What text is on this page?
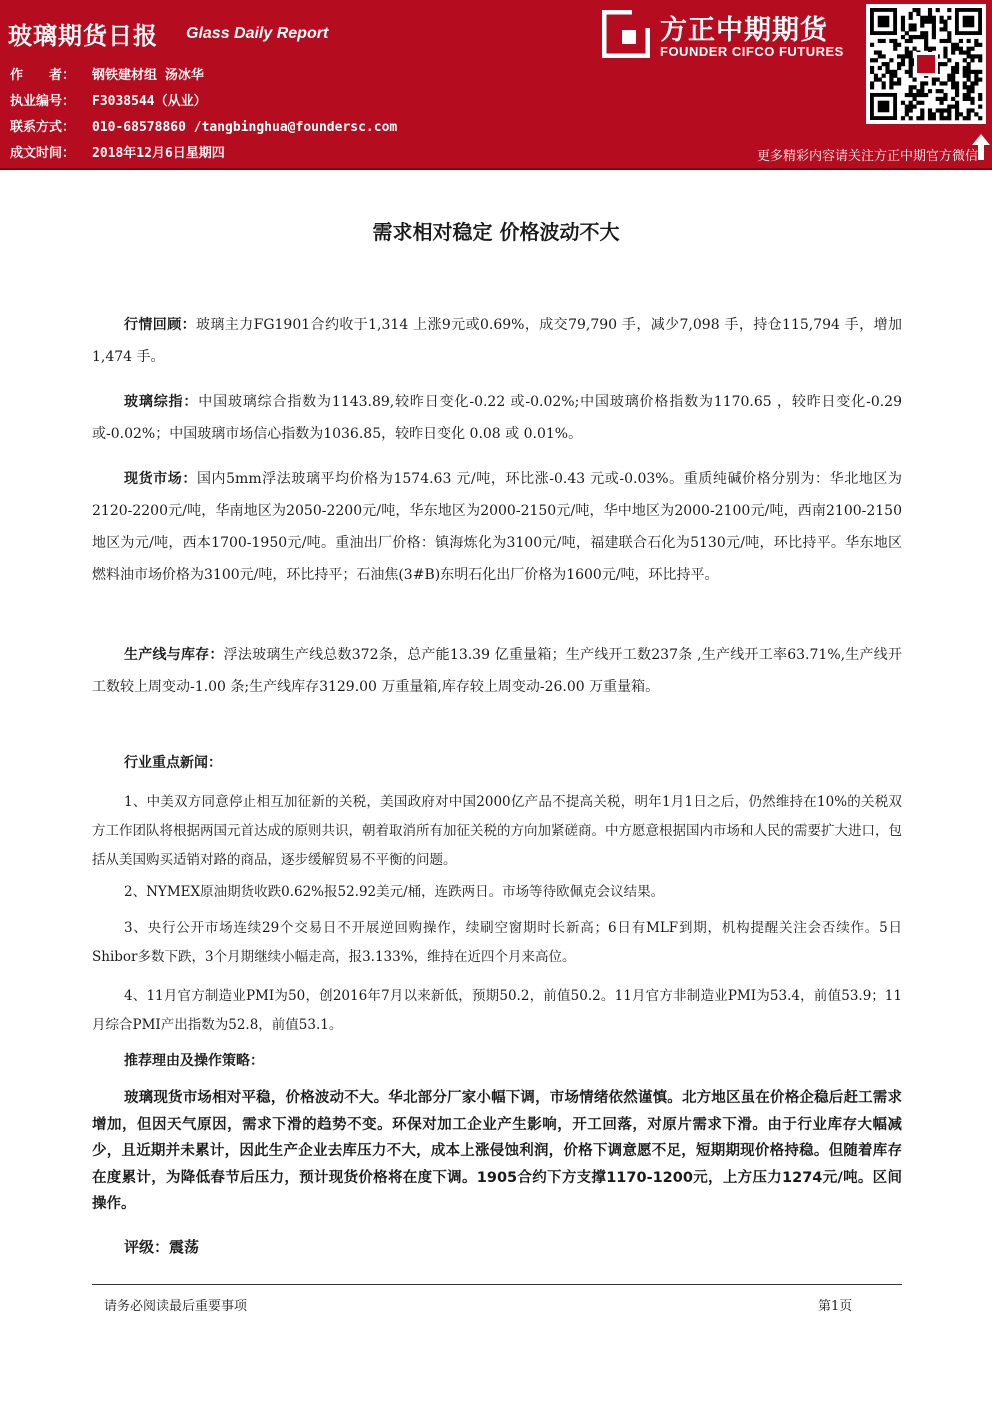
玻璃期货日报 Glass Daily Report
作　　者： 钢铁建材组 汤冰华
执业编号： F3038544（从业）
联系方式： 010-68578860 /tangbinghua@foundersc.com
成文时间： 2018年12月6日星期四
方正中期期货
FOUNDER CIFCO FUTURES
更多精彩内容请关注方正中期官方微信
需求相对稳定 价格波动不大
行情回顾：玻璃主力FG1901合约收于1,314 上涨9元或0.69%，成交79,790 手，减少7,098 手，持仓115,794 手，增加1,474 手。
玻璃综指：中国玻璃综合指数为1143.89,较昨日变化-0.22 或-0.02%;中国玻璃价格指数为1170.65 ，较昨日变化-0.29 或-0.02%；中国玻璃市场信心指数为1036.85，较昨日变化 0.08 或 0.01%。
现货市场：国内5mm浮法玻璃平均价格为1574.63 元/吨，环比涨-0.43 元或-0.03%。重质纯碱价格分别为：华北地区为2120-2200元/吨，华南地区为2050-2200元/吨，华东地区为2000-2150元/吨，华中地区为2000-2100元/吨，西南2100-2150地区为元/吨，西本1700-1950元/吨。重油出厂价格：镇海炼化为3100元/吨，福建联合石化为5130元/吨，环比持平。华东地区燃料油市场价格为3100元/吨，环比持平；石油焦(3#B)东明石化出厂价格为1600元/吨，环比持平。
生产线与库存：浮法玻璃生产线总数372条，总产能13.39 亿重量箱；生产线开工数237条 ,生产线开工率63.71%,生产线开工数较上周变动-1.00 条;生产线库存3129.00 万重量箱,库存较上周变动-26.00 万重量箱。
行业重点新闻：
1、中美双方同意停止相互加征新的关税，美国政府对中国2000亿产品不提高关税，明年1月1日之后，仍然维持在10%的关税双方工作团队将根据两国元首达成的原则共识，朝着取消所有加征关税的方向加紧磋商。中方愿意根据国内市场和人民的需要扩大进口，包括从美国购买适销对路的商品，逐步缓解贸易不平衡的问题。
2、NYMEX原油期货收跌0.62%报52.92美元/桶，连跌两日。市场等待欧佩克会议结果。
3、央行公开市场连续29个交易日不开展逆回购操作，续刷空窗期时长新高；6日有MLF到期，机构提醒关注会否续作。5日Shibor多数下跌，3个月期继续小幅走高，报3.133%，维持在近四个月来高位。
4、11月官方制造业PMI为50，创2016年7月以来新低，预期50.2，前值50.2。11月官方非制造业PMI为53.4，前值53.9；11月综合PMI产出指数为52.8，前值53.1。
推荐理由及操作策略：
玻璃现货市场相对平稳，价格波动不大。华北部分厂家小幅下调，市场情绪依然谨慎。北方地区虽在价格企稳后赶工需求增加，但因天气原因，需求下滑的趋势不变。环保对加工企业产生影响，开工回落，对原片需求下滑。由于行业库存大幅减少，且近期并未累计，因此生产企业去库压力不大，成本上涨侵蚀利润，价格下调意愿不足，短期期现价格持稳。但随着库存在度累计，为降低春节后压力，预计现货价格将在度下调。1905合约下方支撑1170-1200元，上方压力1274元/吨。区间操作。
评级：震荡
请务必阅读最后重要事项	第1页
